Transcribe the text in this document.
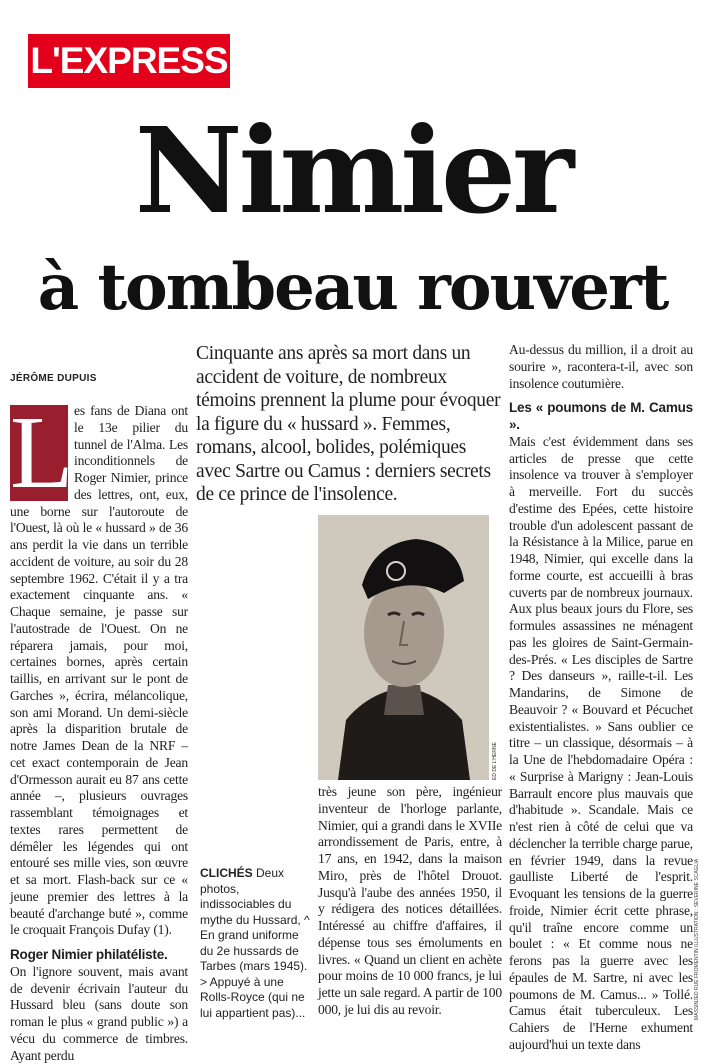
L'EXPRESS
Nimier
à tombeau rouvert
JÉRÔME DUPUIS

Cinquante ans après sa mort dans un accident de voiture, de nombreux témoins prennent la plume pour évoquer la figure du « hussard ». Femmes, romans, alcool, bolides, polémiques avec Sartre ou Camus : derniers secrets de ce prince de l'insolence.

L es fans de Diana ont le 13e pilier du tunnel de l'Alma. Les inconditionnels de Roger Nimier, prince des lettres, ont, eux, une borne sur l'autoroute de l'Ouest, là où le « hussard » de 36 ans perdit la vie dans un terrible accident de voiture, au soir du 28 septembre 1962. C'était il y a tra exactement cinquante ans. « Chaque semaine, je passe sur l'autostrade de l'Ouest. On ne réparera jamais, pour moi, certaines bornes, après certain taillis, en arrivant sur le pont de Garches », écrira, mélancolique, son ami Morand. Un demi-siècle après la disparition brutale de notre James Dean de la NRF – cet exact contemporain de Jean d'Ormesson aurait eu 87 ans cette année –, plusieurs ouvrages rassemblant témoignages et textes rares permettent de démêler les légendes qui ont entouré ses mille vies, son œuvre et sa mort. Flash-back sur ce « jeune premier des lettres à la beauté d'archange buté », comme le croquait François Dufay (1).
Roger Nimier philatéliste.
On l'ignore souvent, mais avant de devenir écrivain l'auteur du Hussard bleu (sans doute son roman le plus « grand public ») a vécu du commerce de timbres. Ayant perdu
ED DE L'HERNE
CLICHÉS Deux photos, indissociables du mythe du Hussard, ^ En grand uniforme du 2e hussards de Tarbes (mars 1945). > Appuyé à une Rolls-Royce (qui ne lui appartient pas)...
très jeune son père, ingénieur inventeur de l'horloge parlante, Nimier, qui a grandi dans le XVIIe arrondissement de Paris, entre, à 17 ans, en 1942, dans la maison Miro, près de l'hôtel Drouot. Jusqu'à l'aube des années 1950, il y rédigera des notices détaillées. Intéressé au chiffre d'affaires, il dépense tous ses émoluments en livres. « Quand un client en achète pour moins de 10 000 francs, je lui jette un sale regard. A partir de 100 000, je lui dis au revoir.
Au-dessus du million, il a droit au sourire », racontera-t-il, avec son insolence coutumière.
Les « poumons de M. Camus ».
Mais c'est évidemment dans ses articles de presse que cette insolence va trouver à s'employer à merveille. Fort du succès d'estime des Epées, cette histoire trouble d'un adolescent passant de la Résistance à la Milice, parue en 1948, Nimier, qui excelle dans la forme courte, est accueilli à bras cuverts par de nombreux journaux. Aux plus beaux jours du Flore, ses formules assassines ne ménagent pas les gloires de Saint-Germain-des-Prés. « Les disciples de Sartre ? Des danseurs », raille-t-il. Les Mandarins, de Simone de Beauvoir ? « Bouvard et Pécuchet existentialistes. » Sans oublier ce titre – un classique, désormais – à la Une de l'hebdomadaire Opéra : « Surprise à Marigny : Jean-Louis Barrault encore plus mauvais que d'habitude ». Scandale. Mais ce n'est rien à côté de celui que va déclencher la terrible charge parue, en février 1949, dans la revue gaulliste Liberté de l'esprit. Evoquant les tensions de la guerre froide, Nimier écrit cette phrase, qu'il traîne encore comme un boulet : « Et comme nous ne ferons pas la guerre avec les épaules de M. Sartre, ni avec les poumons de M. Camus... » Tollé. Camus était tuberculeux. Les Cahiers de l'Herne exhument aujourd'hui un texte dans
MASSINJED RUE FROMENTIN ILLUSTRATION : SEVERINE SCAGLIA
